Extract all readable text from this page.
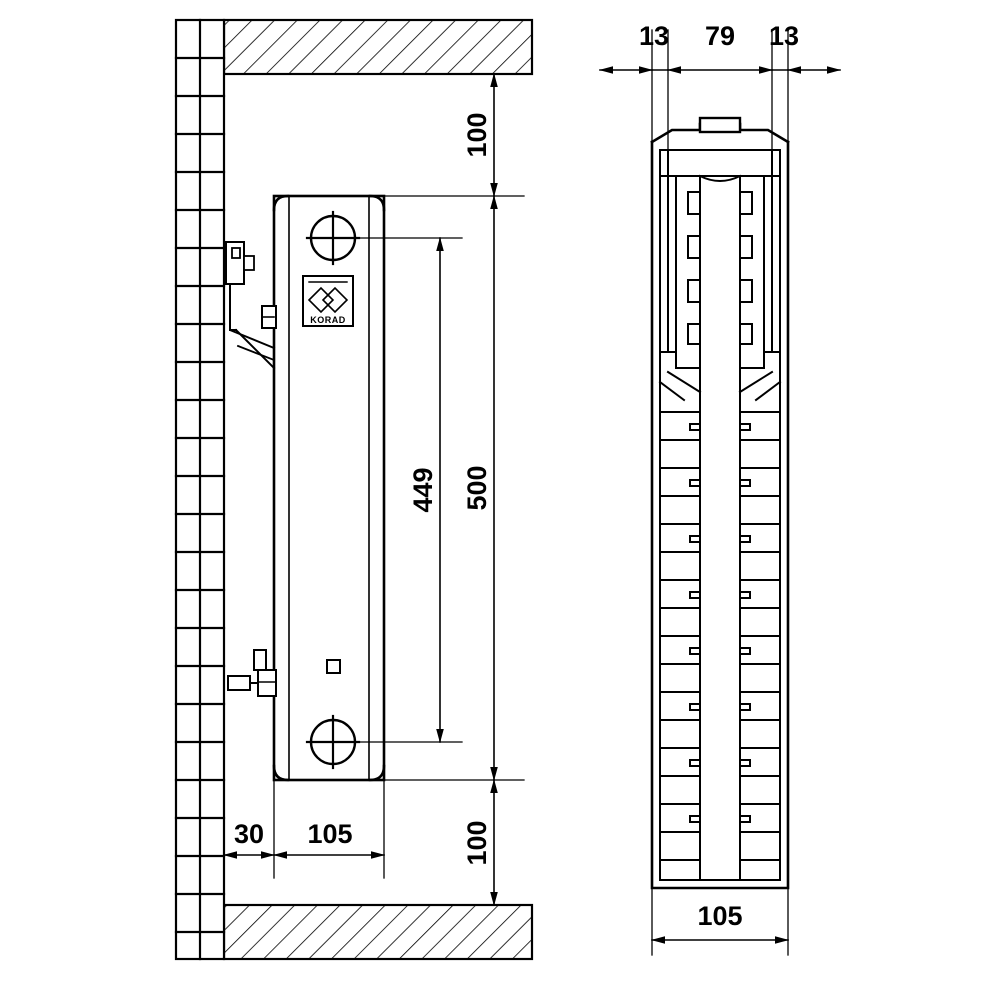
KORAD
100
500
449
100
30 105
13 79 13
105
